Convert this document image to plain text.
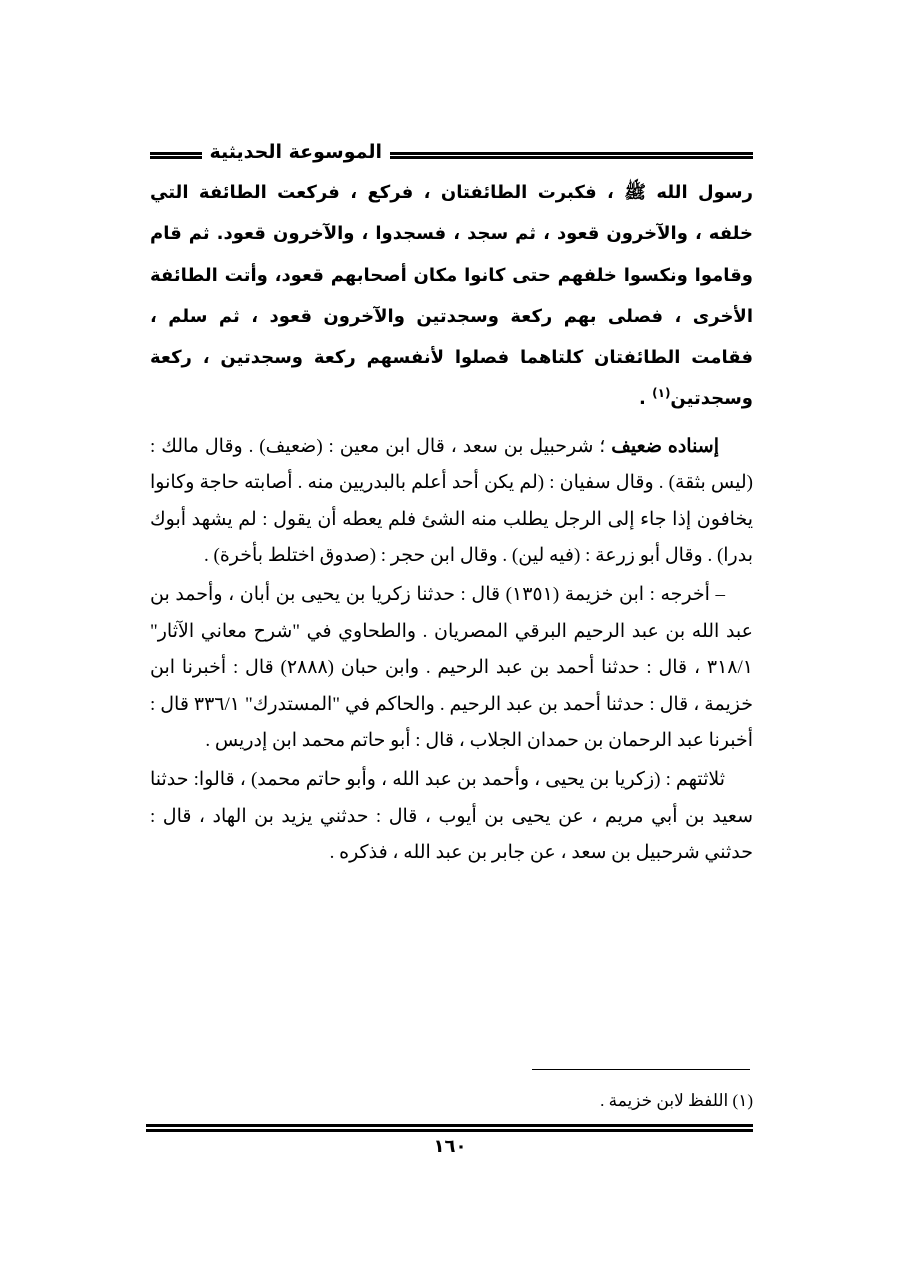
الموسوعة الحديثية
رسول الله ﷺ ، فكبرت الطائفتان ، فركع ، فركعت الطائفة التي خلفه ، والآخرون قعود ، ثم سجد ، فسجدوا ، والآخرون قعود. ثم قام وقاموا ونكسوا خلفهم حتى كانوا مكان أصحابهم قعود، وأتت الطائفة الأخرى ، فصلى بهم ركعة وسجدتين والآخرون قعود ، ثم سلم ، فقامت الطائفتان كلتاهما فصلوا لأنفسهم ركعة وسجدتين ، ركعة وسجدتين$^{(١)}$ .

إسناده ضعيف ؛ شرحبيل بن سعد ، قال ابن معين : (ضعيف) . وقال مالك : (ليس بثقة) . وقال سفيان : (لم يكن أحد أعلم بالبدريين منه . أصابته حاجة وكانوا يخافون إذا جاء إلى الرجل يطلب منه الشئ فلم يعطه أن يقول : لم يشهد أبوك بدرا) . وقال أبو زرعة : (فيه لين) . وقال ابن حجر : (صدوق اختلط بأخرة) .

– أخرجه : ابن خزيمة (١٣٥١) قال : حدثنا زكريا بن يحيى بن أبان ، وأحمد بن عبد الله بن عبد الرحيم البرقي المصريان . والطحاوي في "شرح معاني الآثار" ٣١٨/١ ، قال : حدثنا أحمد بن عبد الرحيم . وابن حبان (٢٨٨٨) قال : أخبرنا ابن خزيمة ، قال : حدثنا أحمد بن عبد الرحيم . والحاكم في "المستدرك" ٣٣٦/١ قال : أخبرنا عبد الرحمان بن حمدان الجلاب ، قال : أبو حاتم محمد ابن إدريس .

ثلاثتهم : (زكريا بن يحيى ، وأحمد بن عبد الله ، وأبو حاتم محمد) ، قالوا: حدثنا سعيد بن أبي مريم ، عن يحيى بن أيوب ، قال : حدثني يزيد بن الهاد ، قال : حدثني شرحبيل بن سعد ، عن جابر بن عبد الله ، فذكره .

(١) اللفظ لابن خزيمة .
١٦٠
